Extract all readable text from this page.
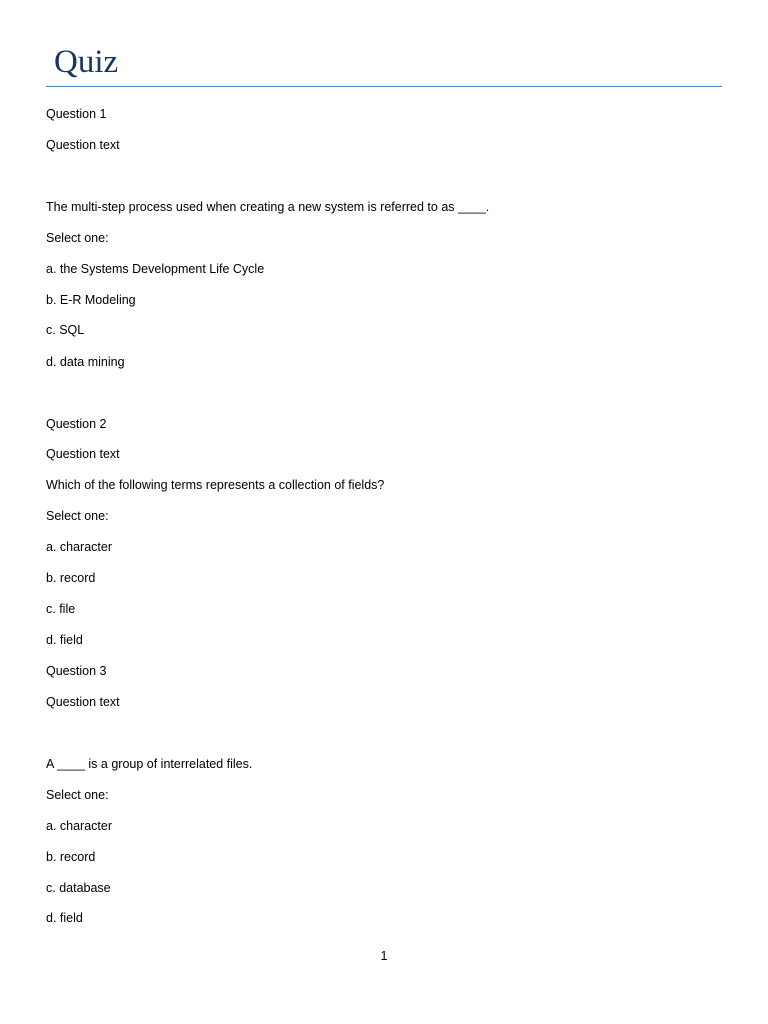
Quiz
Question 1
Question text
The multi-step process used when creating a new system is referred to as ____.
Select one:
a. the Systems Development Life Cycle
b. E-R Modeling
c. SQL
d. data mining
Question 2
Question text
Which of the following terms represents a collection of fields?
Select one:
a. character
b. record
c. file
d. field
Question 3
Question text
A ____ is a group of interrelated files.
Select one:
a. character
b. record
c. database
d. field
1
